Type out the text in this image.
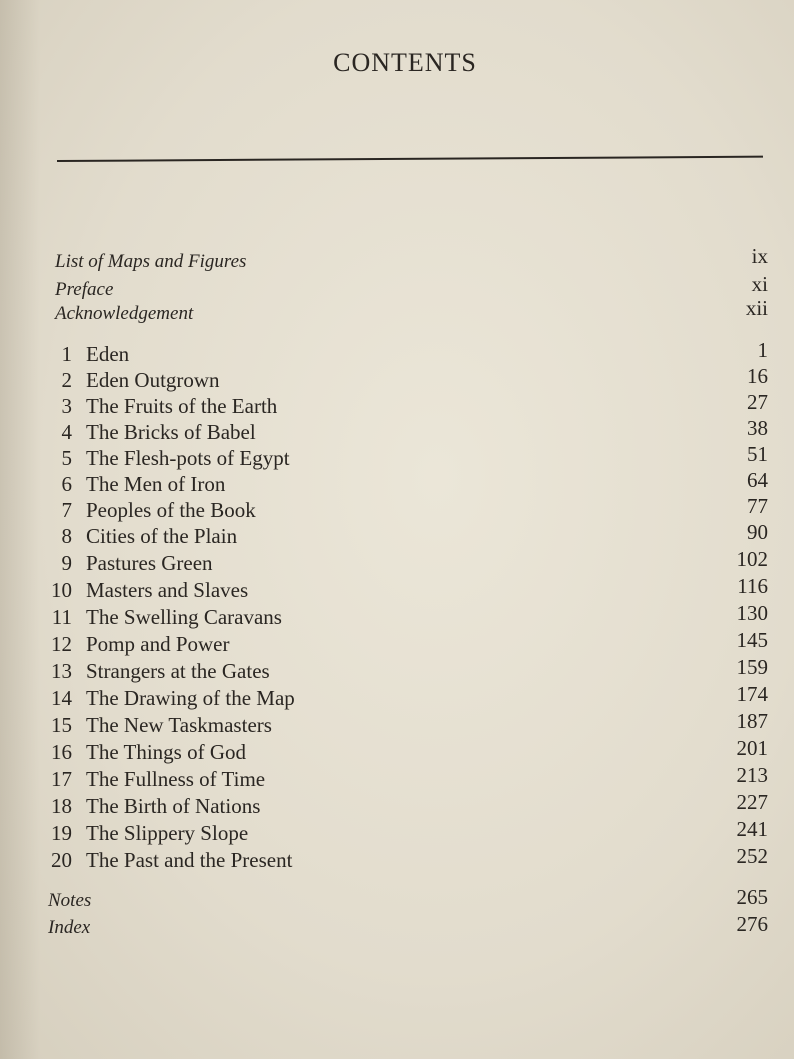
CONTENTS
List of Maps and Figures	ix
Preface	xi
Acknowledgement	xii
1 Eden	1
2 Eden Outgrown	16
3 The Fruits of the Earth	27
4 The Bricks of Babel	38
5 The Flesh-pots of Egypt	51
6 The Men of Iron	64
7 Peoples of the Book	77
8 Cities of the Plain	90
9 Pastures Green	102
10 Masters and Slaves	116
11 The Swelling Caravans	130
12 Pomp and Power	145
13 Strangers at the Gates	159
14 The Drawing of the Map	174
15 The New Taskmasters	187
16 The Things of God	201
17 The Fullness of Time	213
18 The Birth of Nations	227
19 The Slippery Slope	241
20 The Past and the Present	252
Notes	265
Index	276
